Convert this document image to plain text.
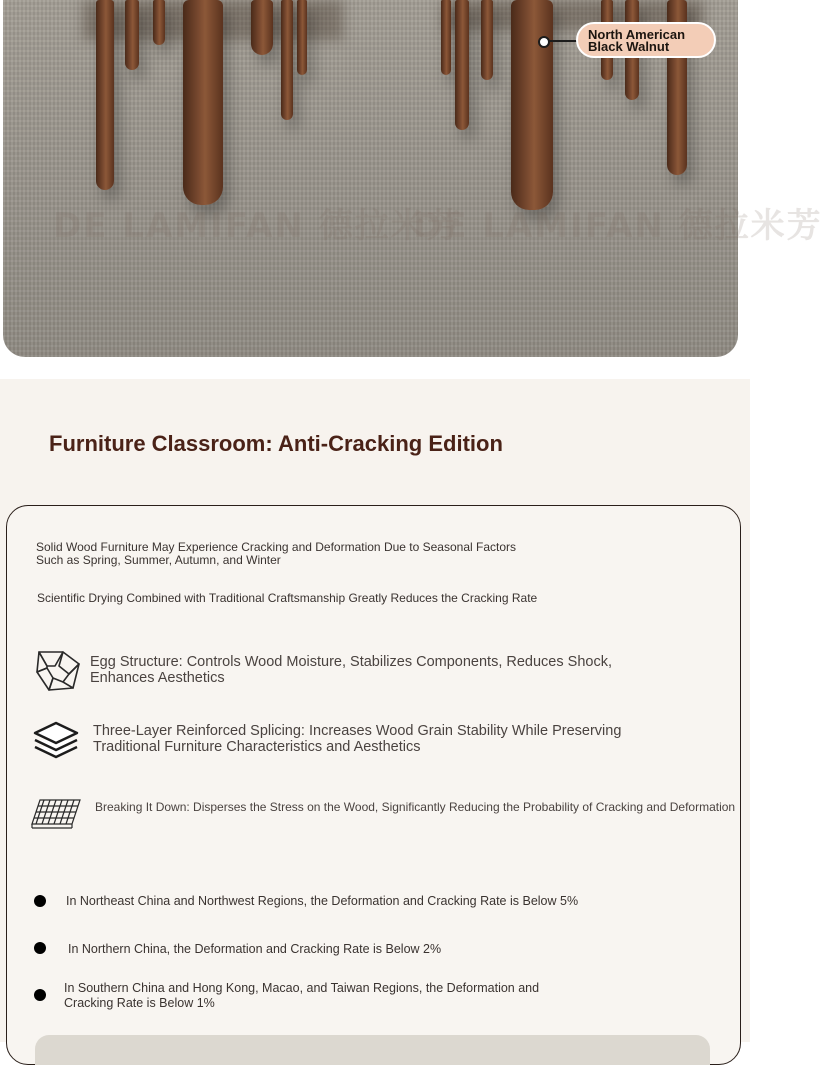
DE LAMIFAN 德拉米芳
DE LAMIFAN 德拉米芳
North American
Black Walnut
Furniture Classroom: Anti-Cracking Edition
Solid Wood Furniture May Experience Cracking and Deformation Due to Seasonal Factors
Such as Spring, Summer, Autumn, and Winter
Scientific Drying Combined with Traditional Craftsmanship Greatly Reduces the Cracking Rate
Egg Structure: Controls Wood Moisture, Stabilizes Components, Reduces Shock,
Enhances Aesthetics
Three-Layer Reinforced Splicing: Increases Wood Grain Stability While Preserving
Traditional Furniture Characteristics and Aesthetics
Breaking It Down: Disperses the Stress on the Wood, Significantly Reducing the Probability of Cracking and Deformation
In Northeast China and Northwest Regions, the Deformation and Cracking Rate is Below 5%
In Northern China, the Deformation and Cracking Rate is Below 2%
In Southern China and Hong Kong, Macao, and Taiwan Regions, the Deformation and
Cracking Rate is Below 1%
